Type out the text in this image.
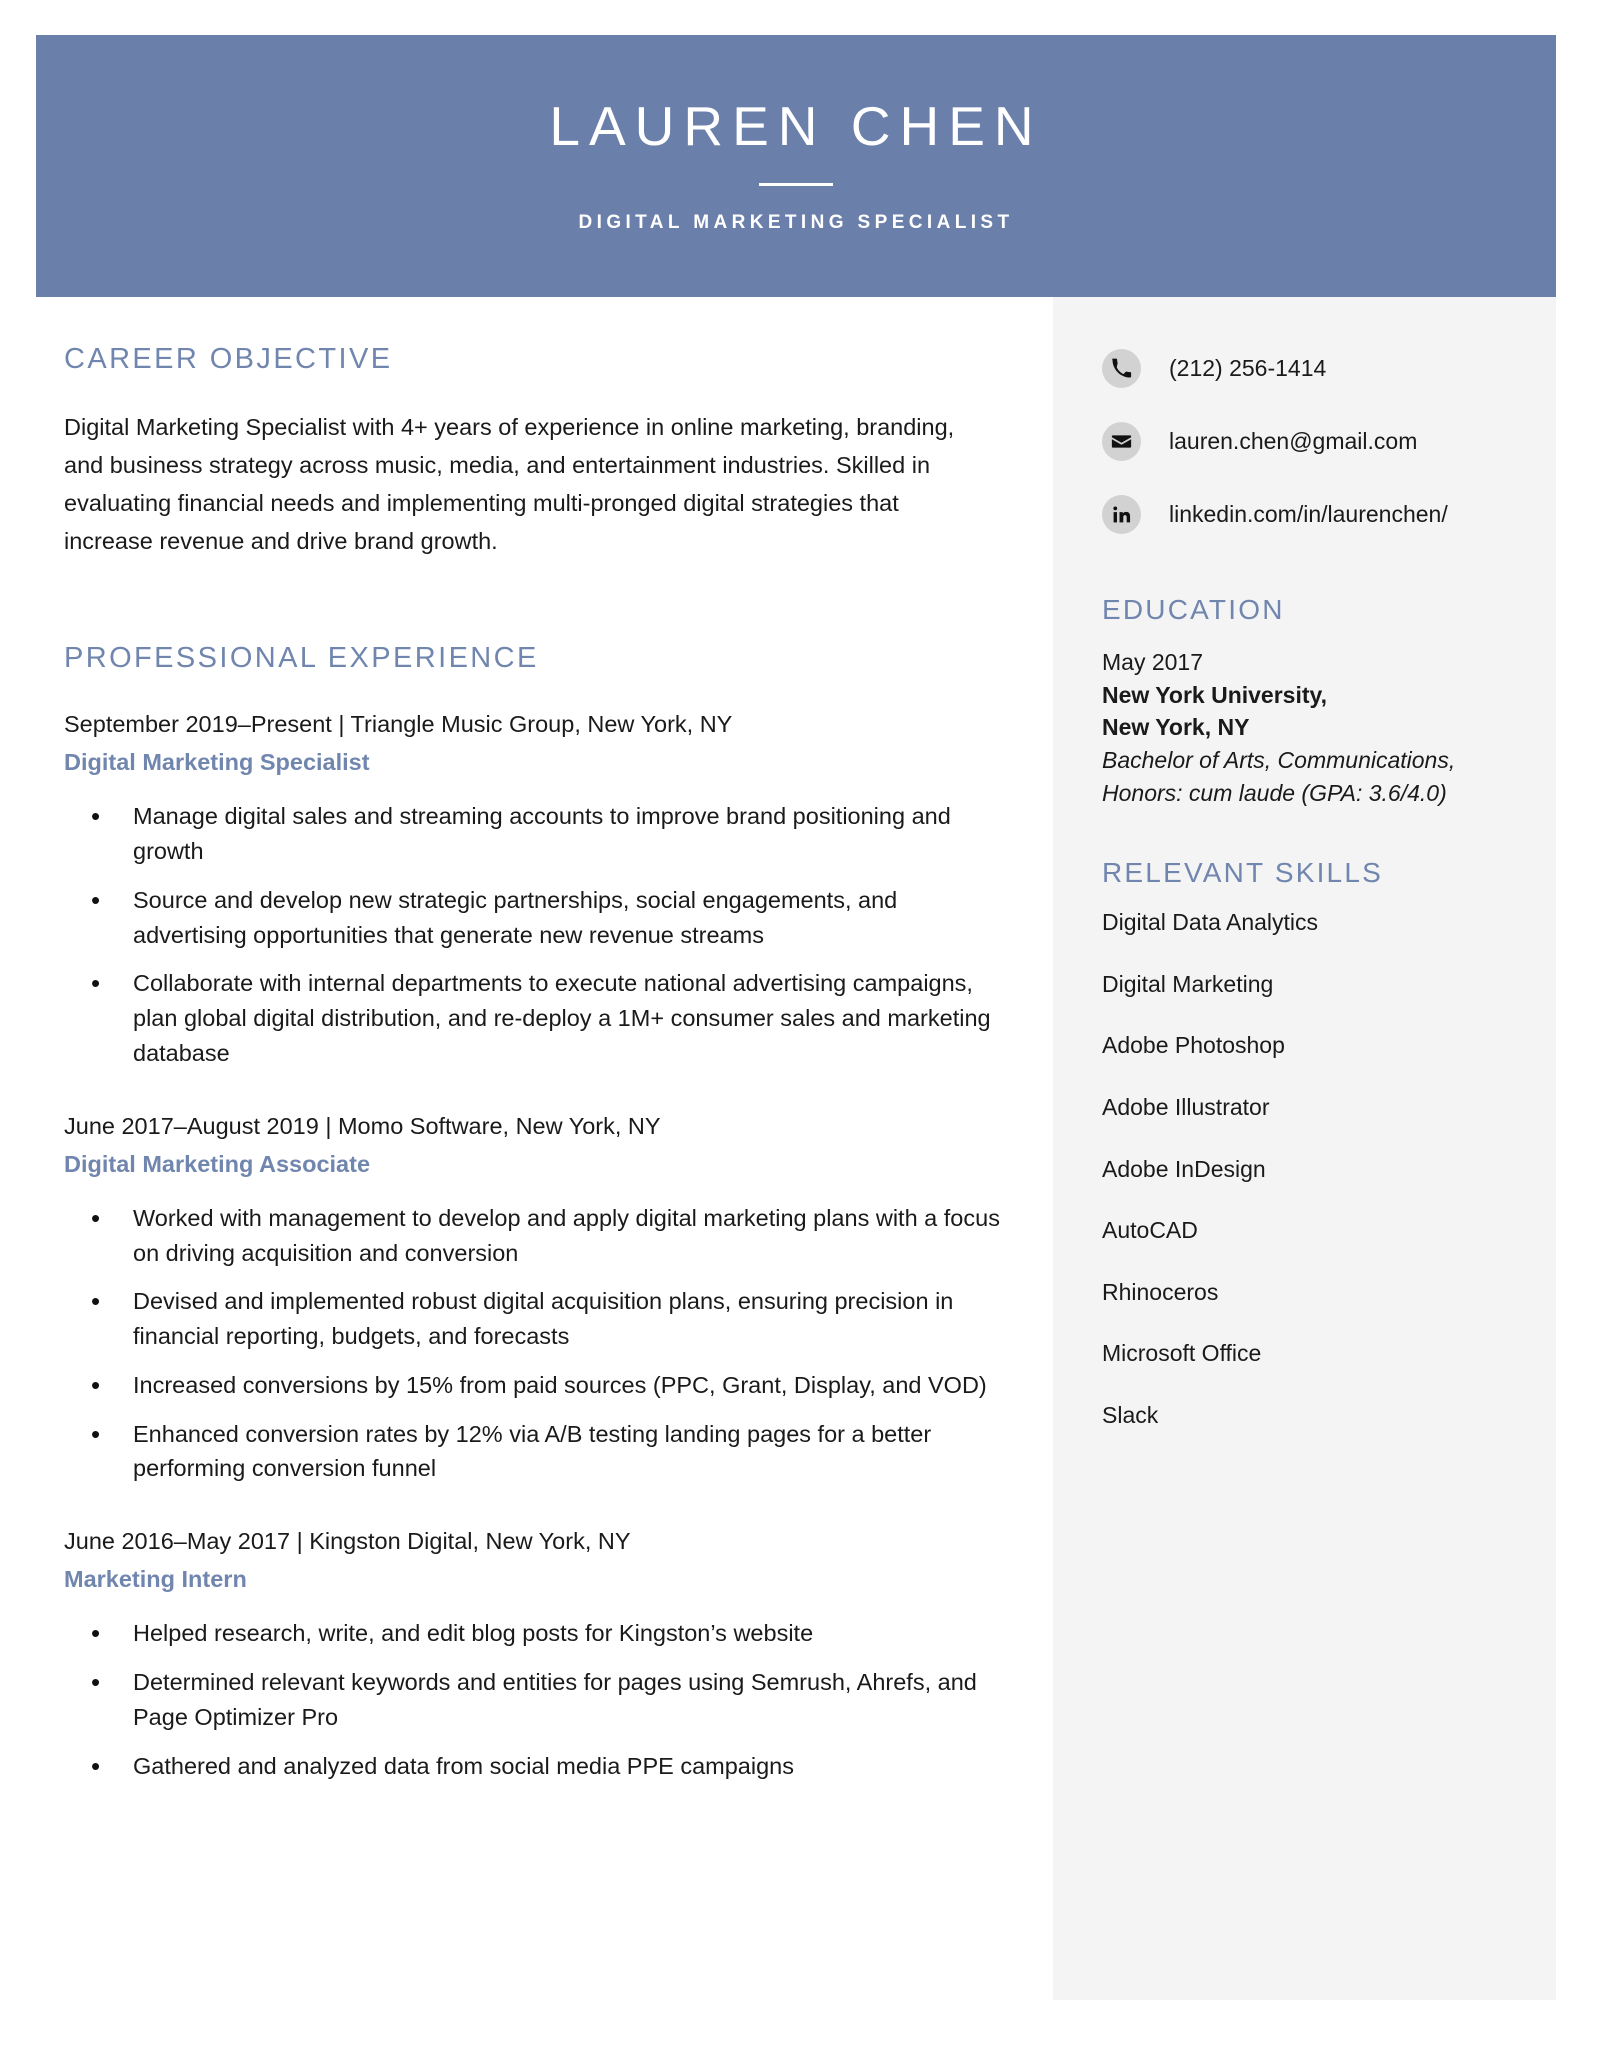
LAUREN CHEN
DIGITAL MARKETING SPECIALIST
CAREER OBJECTIVE

Digital Marketing Specialist with 4+ years of experience in online marketing, branding, and business strategy across music, media, and entertainment industries. Skilled in evaluating financial needs and implementing multi-pronged digital strategies that increase revenue and drive brand growth.

PROFESSIONAL EXPERIENCE
September 2019–Present | Triangle Music Group, New York, NY
Digital Marketing Specialist
• Manage digital sales and streaming accounts to improve brand positioning and growth
• Source and develop new strategic partnerships, social engagements, and advertising opportunities that generate new revenue streams
• Collaborate with internal departments to execute national advertising campaigns, plan global digital distribution, and re-deploy a 1M+ consumer sales and marketing database
June 2017–August 2019 | Momo Software, New York, NY
Digital Marketing Associate
• Worked with management to develop and apply digital marketing plans with a focus on driving acquisition and conversion
• Devised and implemented robust digital acquisition plans, ensuring precision in financial reporting, budgets, and forecasts
• Increased conversions by 15% from paid sources (PPC, Grant, Display, and VOD)
• Enhanced conversion rates by 12% via A/B testing landing pages for a better performing conversion funnel
June 2016–May 2017 | Kingston Digital, New York, NY
Marketing Intern
• Helped research, write, and edit blog posts for Kingston’s website
• Determined relevant keywords and entities for pages using Semrush, Ahrefs, and Page Optimizer Pro
• Gathered and analyzed data from social media PPE campaigns
(212) 256-1414
lauren.chen@gmail.com
linkedin.com/in/laurenchen/
EDUCATION
May 2017
New York University,
New York, NY
Bachelor of Arts, Communications,
Honors: cum laude (GPA: 3.6/4.0)
RELEVANT SKILLS
Digital Data Analytics
Digital Marketing
Adobe Photoshop
Adobe Illustrator
Adobe InDesign
AutoCAD
Rhinoceros
Microsoft Office
Slack
